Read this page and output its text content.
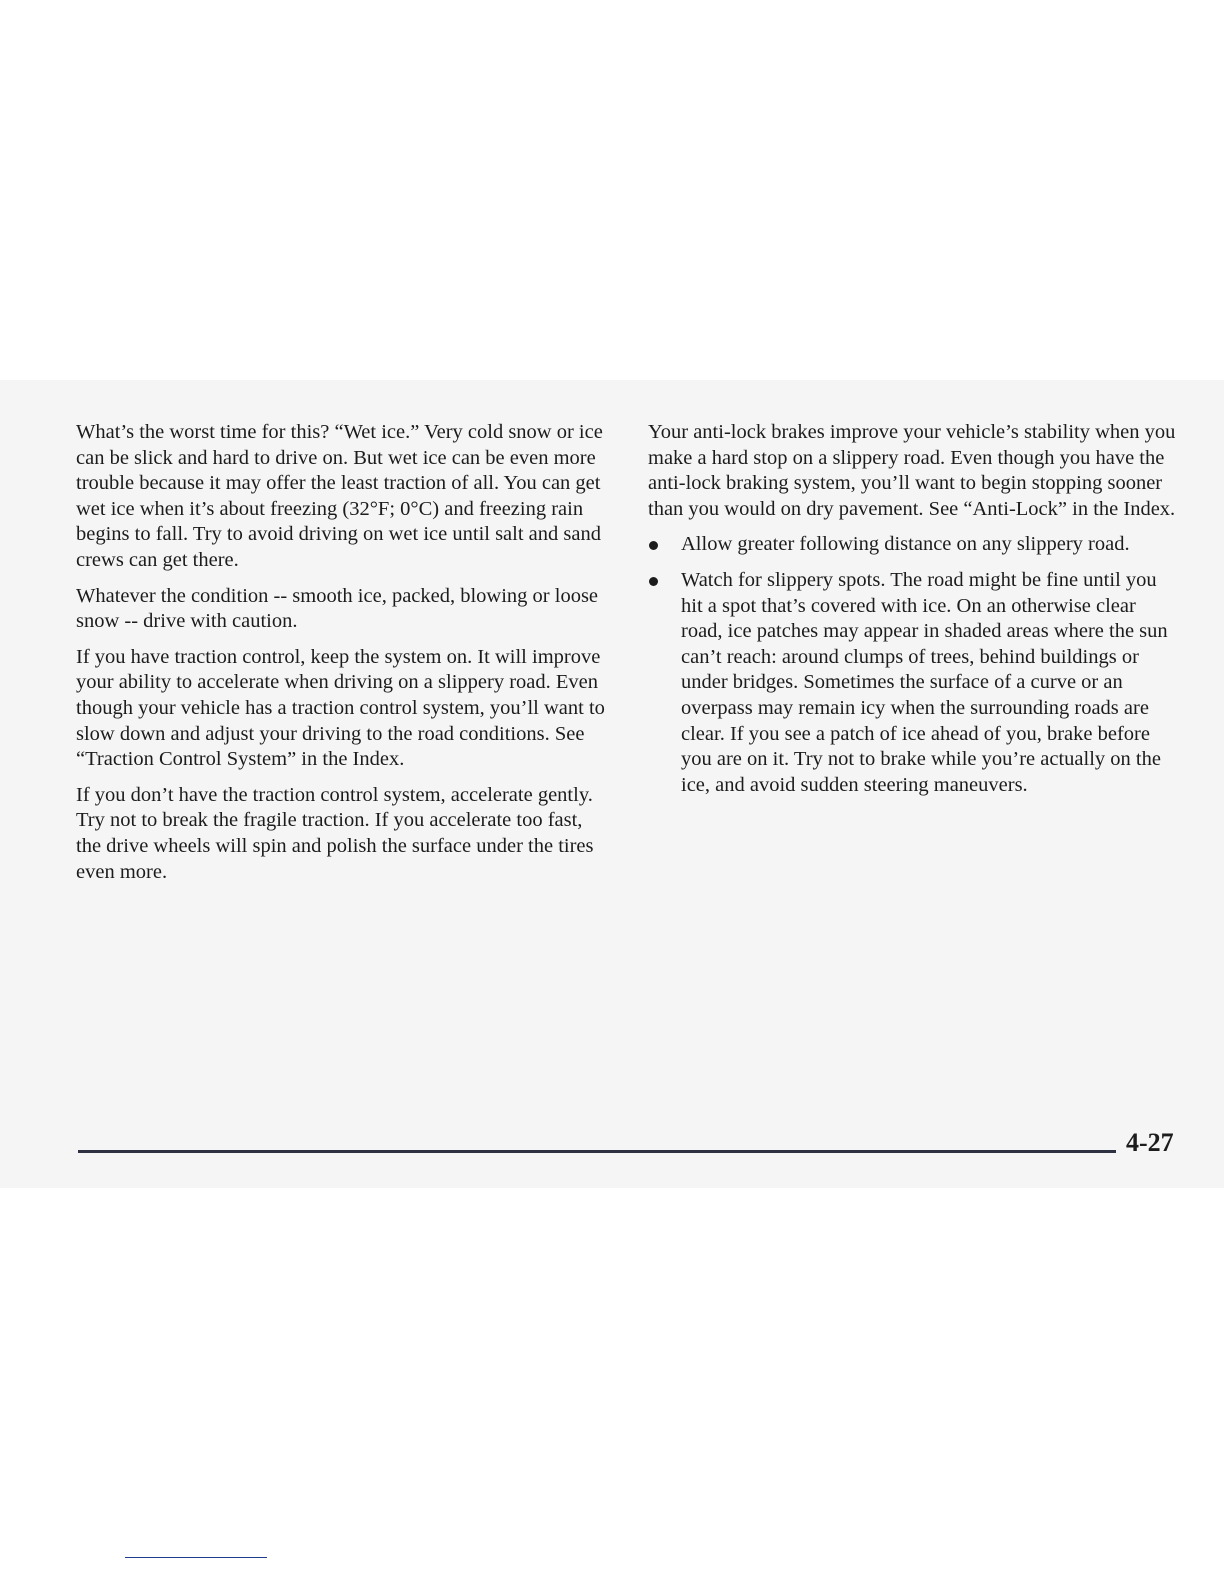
What’s the worst time for this? “Wet ice.” Very cold snow or ice can be slick and hard to drive on. But wet ice can be even more trouble because it may offer the least traction of all. You can get wet ice when it’s about freezing (32°F; 0°C) and freezing rain begins to fall. Try to avoid driving on wet ice until salt and sand crews can get there.

Whatever the condition -- smooth ice, packed, blowing or loose snow -- drive with caution.

If you have traction control, keep the system on. It will improve your ability to accelerate when driving on a slippery road. Even though your vehicle has a traction control system, you’ll want to slow down and adjust your driving to the road conditions. See “Traction Control System” in the Index.

If you don’t have the traction control system, accelerate gently. Try not to break the fragile traction. If you accelerate too fast, the drive wheels will spin and polish the surface under the tires even more.

Your anti-lock brakes improve your vehicle’s stability when you make a hard stop on a slippery road. Even though you have the anti-lock braking system, you’ll want to begin stopping sooner than you would on dry pavement. See “Anti-Lock” in the Index.

Allow greater following distance on any slippery road.
Watch for slippery spots. The road might be fine until you hit a spot that’s covered with ice. On an otherwise clear road, ice patches may appear in shaded areas where the sun can’t reach: around clumps of trees, behind buildings or under bridges. Sometimes the surface of a curve or an overpass may remain icy when the surrounding roads are clear. If you see a patch of ice ahead of you, brake before you are on it. Try not to brake while you’re actually on the ice, and avoid sudden steering maneuvers.
4-27
